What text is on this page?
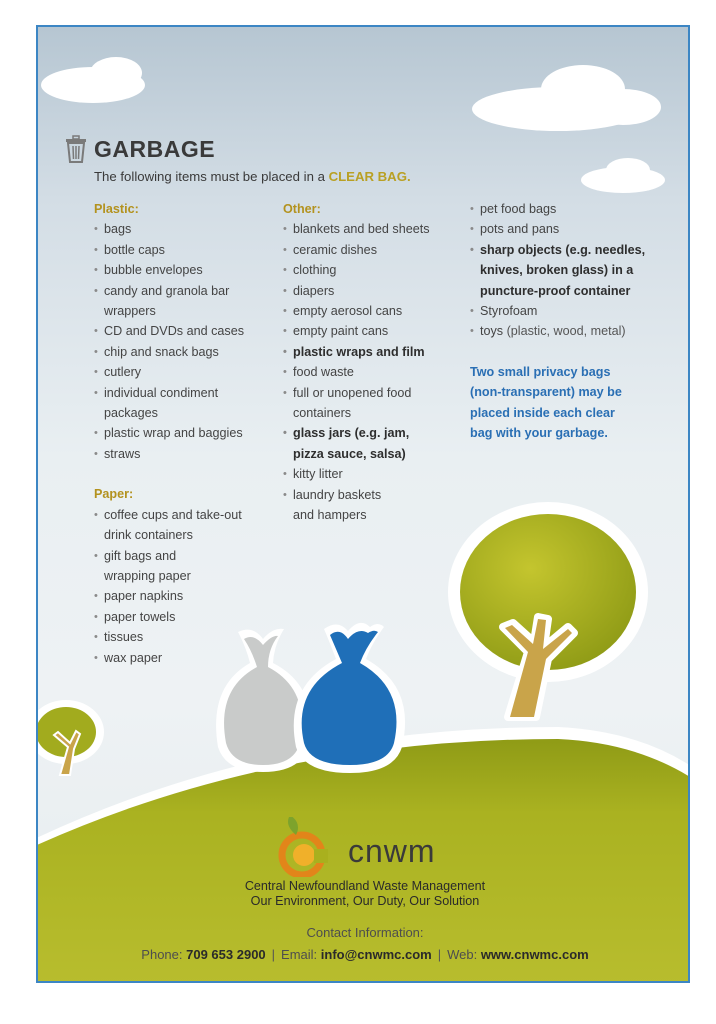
GARBAGE
The following items must be placed in a CLEAR BAG.
Plastic:
• bags
• bottle caps
• bubble envelopes
• candy and granola bar
wrappers
• CD and DVDs and cases
• chip and snack bags
• cutlery
• individual condiment
packages
• plastic wrap and baggies
• straws
Paper:
• coffee cups and take-out
drink containers
• gift bags and
wrapping paper
• paper napkins
• paper towels
• tissues
• wax paper
Other:
• blankets and bed sheets
• ceramic dishes
• clothing
• diapers
• empty aerosol cans
• empty paint cans
• plastic wraps and film
• food waste
• full or unopened food
containers
• glass jars (e.g. jam,
pizza sauce, salsa)
• kitty litter
• laundry baskets
and hampers
• pet food bags
• pots and pans
• sharp objects (e.g. needles,
knives, broken glass) in a
puncture-proof container
• Styrofoam
• toys (plastic, wood, metal)
Two small privacy bags
(non-transparent) may be
placed inside each clear
bag with your garbage.
cnwm
Central Newfoundland Waste Management
Our Environment, Our Duty, Our Solution
Contact Information:
Phone: 709 653 2900 | Email: info@cnwmc.com | Web: www.cnwmc.com
